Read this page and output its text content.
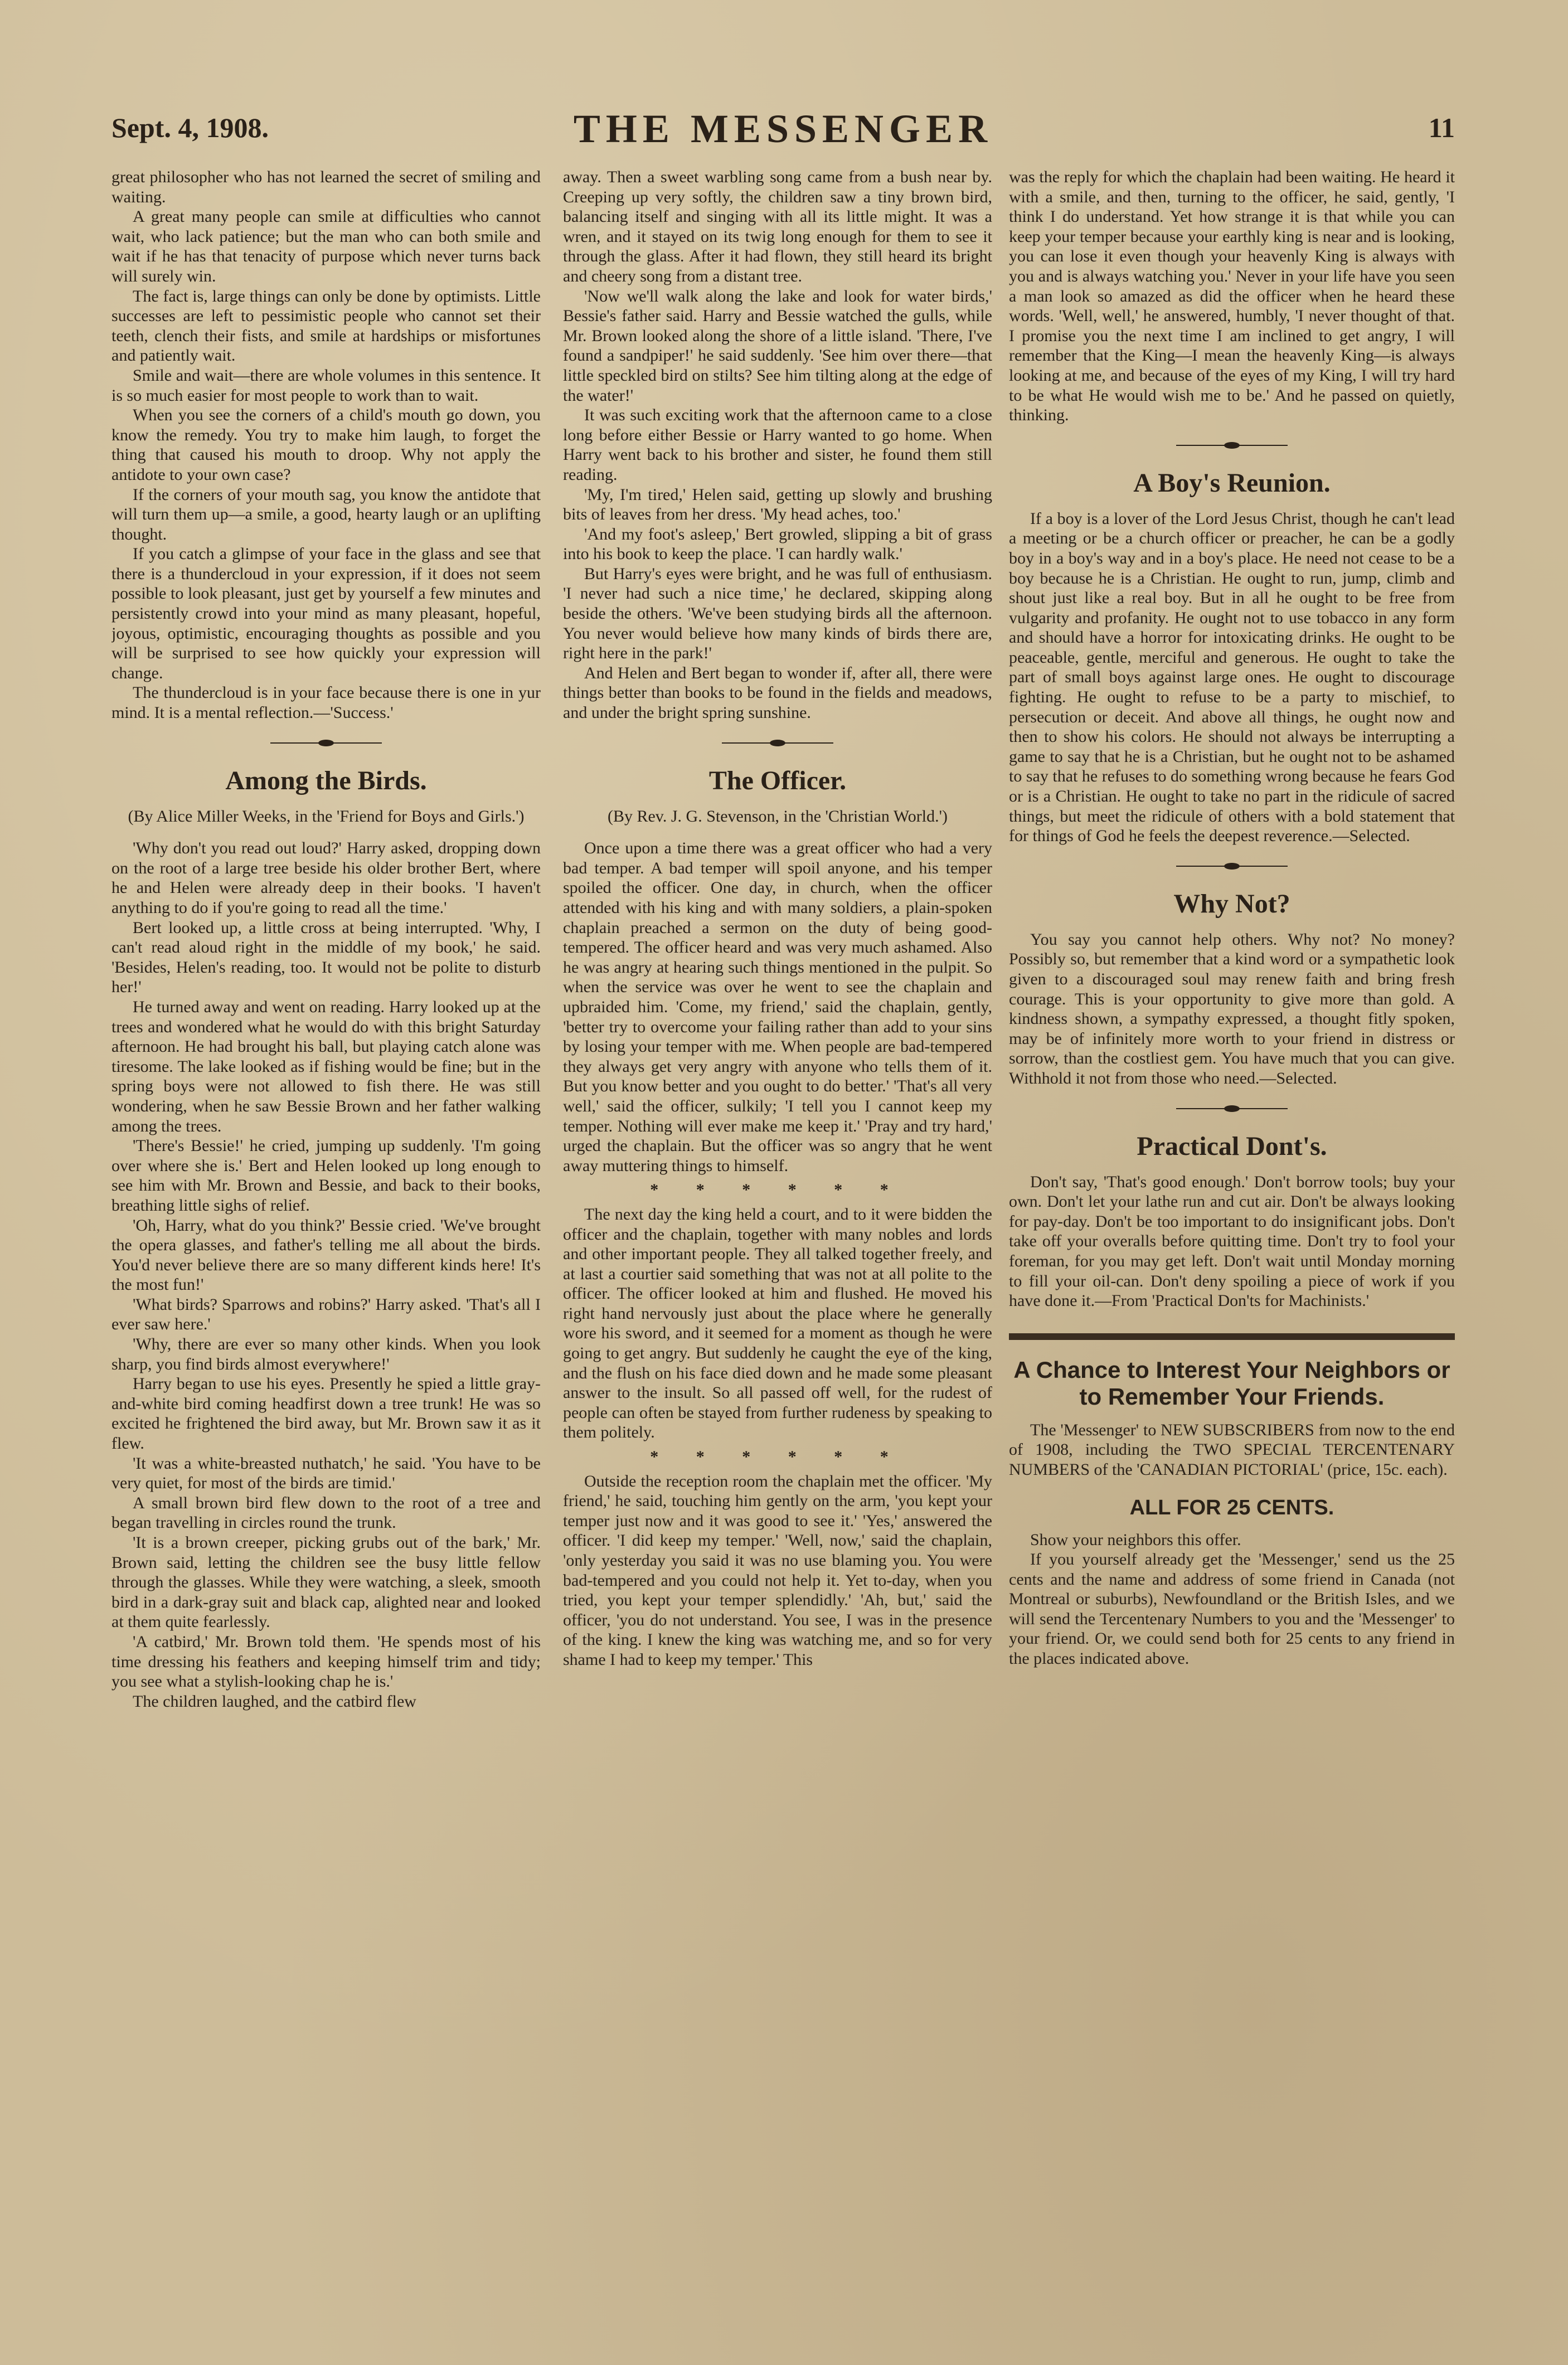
Sept. 4, 1908.	THE MESSENGER	11

great philosopher who has not learned the secret of smiling and waiting.

A great many people can smile at difficulties who cannot wait, who lack patience; but the man who can both smile and wait if he has that tenacity of purpose which never turns back will surely win.

The fact is, large things can only be done by optimists. Little successes are left to pessimistic people who cannot set their teeth, clench their fists, and smile at hardships or misfortunes and patiently wait.

Smile and wait—there are whole volumes in this sentence. It is so much easier for most people to work than to wait.

When you see the corners of a child's mouth go down, you know the remedy. You try to make him laugh, to forget the thing that caused his mouth to droop. Why not apply the antidote to your own case?

If the corners of your mouth sag, you know the antidote that will turn them up—a smile, a good, hearty laugh or an uplifting thought.

If you catch a glimpse of your face in the glass and see that there is a thundercloud in your expression, if it does not seem possible to look pleasant, just get by yourself a few minutes and persistently crowd into your mind as many pleasant, hopeful, joyous, optimistic, encouraging thoughts as possible and you will be surprised to see how quickly your expression will change.

The thundercloud is in your face because there is one in yur mind. It is a mental reflection.—'Success.'

Among the Birds.

(By Alice Miller Weeks, in the 'Friend for Boys and Girls.')

'Why don't you read out loud?' Harry asked, dropping down on the root of a large tree beside his older brother Bert, where he and Helen were already deep in their books. 'I haven't anything to do if you're going to read all the time.'

Bert looked up, a little cross at being interrupted. 'Why, I can't read aloud right in the middle of my book,' he said. 'Besides, Helen's reading, too. It would not be polite to disturb her!'

He turned away and went on reading. Harry looked up at the trees and wondered what he would do with this bright Saturday afternoon. He had brought his ball, but playing catch alone was tiresome. The lake looked as if fishing would be fine; but in the spring boys were not allowed to fish there. He was still wondering, when he saw Bessie Brown and her father walking among the trees.

'There's Bessie!' he cried, jumping up suddenly. 'I'm going over where she is.' Bert and Helen looked up long enough to see him with Mr. Brown and Bessie, and back to their books, breathing little sighs of relief.

'Oh, Harry, what do you think?' Bessie cried. 'We've brought the opera glasses, and father's telling me all about the birds. You'd never believe there are so many different kinds here! It's the most fun!'

'What birds? Sparrows and robins?' Harry asked. 'That's all I ever saw here.'

'Why, there are ever so many other kinds. When you look sharp, you find birds almost everywhere!'

Harry began to use his eyes. Presently he spied a little gray-and-white bird coming headfirst down a tree trunk! He was so excited he frightened the bird away, but Mr. Brown saw it as it flew.

'It was a white-breasted nuthatch,' he said. 'You have to be very quiet, for most of the birds are timid.'

A small brown bird flew down to the root of a tree and began travelling in circles round the trunk.

'It is a brown creeper, picking grubs out of the bark,' Mr. Brown said, letting the children see the busy little fellow through the glasses. While they were watching, a sleek, smooth bird in a dark-gray suit and black cap, alighted near and looked at them quite fearlessly.

'A catbird,' Mr. Brown told them. 'He spends most of his time dressing his feathers and keeping himself trim and tidy; you see what a stylish-looking chap he is.'

The children laughed, and the catbird flew

away. Then a sweet warbling song came from a bush near by. Creeping up very softly, the children saw a tiny brown bird, balancing itself and singing with all its little might. It was a wren, and it stayed on its twig long enough for them to see it through the glass. After it had flown, they still heard its bright and cheery song from a distant tree.

'Now we'll walk along the lake and look for water birds,' Bessie's father said. Harry and Bessie watched the gulls, while Mr. Brown looked along the shore of a little island. 'There, I've found a sandpiper!' he said suddenly. 'See him over there—that little speckled bird on stilts? See him tilting along at the edge of the water!'

It was such exciting work that the afternoon came to a close long before either Bessie or Harry wanted to go home. When Harry went back to his brother and sister, he found them still reading.

'My, I'm tired,' Helen said, getting up slowly and brushing bits of leaves from her dress. 'My head aches, too.'

'And my foot's asleep,' Bert growled, slipping a bit of grass into his book to keep the place. 'I can hardly walk.'

But Harry's eyes were bright, and he was full of enthusiasm. 'I never had such a nice time,' he declared, skipping along beside the others. 'We've been studying birds all the afternoon. You never would believe how many kinds of birds there are, right here in the park!'

And Helen and Bert began to wonder if, after all, there were things better than books to be found in the fields and meadows, and under the bright spring sunshine.

The Officer.

(By Rev. J. G. Stevenson, in the 'Christian World.')

Once upon a time there was a great officer who had a very bad temper. A bad temper will spoil anyone, and his temper spoiled the officer. One day, in church, when the officer attended with his king and with many soldiers, a plain-spoken chaplain preached a sermon on the duty of being good-tempered. The officer heard and was very much ashamed. Also he was angry at hearing such things mentioned in the pulpit. So when the service was over he went to see the chaplain and upbraided him. 'Come, my friend,' said the chaplain, gently, 'better try to overcome your failing rather than add to your sins by losing your temper with me. When people are bad-tempered they always get very angry with anyone who tells them of it. But you know better and you ought to do better.' 'That's all very well,' said the officer, sulkily; 'I tell you I cannot keep my temper. Nothing will ever make me keep it.' 'Pray and try hard,' urged the chaplain. But the officer was so angry that he went away muttering things to himself.

* * * * * *

The next day the king held a court, and to it were bidden the officer and the chaplain, together with many nobles and lords and other important people. They all talked together freely, and at last a courtier said something that was not at all polite to the officer. The officer looked at him and flushed. He moved his right hand nervously just about the place where he generally wore his sword, and it seemed for a moment as though he were going to get angry. But suddenly he caught the eye of the king, and the flush on his face died down and he made some pleasant answer to the insult. So all passed off well, for the rudest of people can often be stayed from further rudeness by speaking to them politely.

* * * * * *

Outside the reception room the chaplain met the officer. 'My friend,' he said, touching him gently on the arm, 'you kept your temper just now and it was good to see it.' 'Yes,' answered the officer. 'I did keep my temper.' 'Well, now,' said the chaplain, 'only yesterday you said it was no use blaming you. You were bad-tempered and you could not help it. Yet to-day, when you tried, you kept your temper splendidly.' 'Ah, but,' said the officer, 'you do not understand. You see, I was in the presence of the king. I knew the king was watching me, and so for very shame I had to keep my temper.' This

was the reply for which the chaplain had been waiting. He heard it with a smile, and then, turning to the officer, he said, gently, 'I think I do understand. Yet how strange it is that while you can keep your temper because your earthly king is near and is looking, you can lose it even though your heavenly King is always with you and is always watching you.' Never in your life have you seen a man look so amazed as did the officer when he heard these words. 'Well, well,' he answered, humbly, 'I never thought of that. I promise you the next time I am inclined to get angry, I will remember that the King—I mean the heavenly King—is always looking at me, and because of the eyes of my King, I will try hard to be what He would wish me to be.' And he passed on quietly, thinking.

A Boy's Reunion.

If a boy is a lover of the Lord Jesus Christ, though he can't lead a meeting or be a church officer or preacher, he can be a godly boy in a boy's way and in a boy's place. He need not cease to be a boy because he is a Christian. He ought to run, jump, climb and shout just like a real boy. But in all he ought to be free from vulgarity and profanity. He ought not to use tobacco in any form and should have a horror for intoxicating drinks. He ought to be peaceable, gentle, merciful and generous. He ought to take the part of small boys against large ones. He ought to discourage fighting. He ought to refuse to be a party to mischief, to persecution or deceit. And above all things, he ought now and then to show his colors. He should not always be interrupting a game to say that he is a Christian, but he ought not to be ashamed to say that he refuses to do something wrong because he fears God or is a Christian. He ought to take no part in the ridicule of sacred things, but meet the ridicule of others with a bold statement that for things of God he feels the deepest reverence.—Selected.

Why Not?

You say you cannot help others. Why not? No money? Possibly so, but remember that a kind word or a sympathetic look given to a discouraged soul may renew faith and bring fresh courage. This is your opportunity to give more than gold. A kindness shown, a sympathy expressed, a thought fitly spoken, may be of infinitely more worth to your friend in distress or sorrow, than the costliest gem. You have much that you can give. Withhold it not from those who need.—Selected.

Practical Dont's.

Don't say, 'That's good enough.' Don't borrow tools; buy your own. Don't let your lathe run and cut air. Don't be always looking for pay-day. Don't be too important to do insignificant jobs. Don't take off your overalls before quitting time. Don't try to fool your foreman, for you may get left. Don't wait until Monday morning to fill your oil-can. Don't deny spoiling a piece of work if you have done it.—From 'Practical Don'ts for Machinists.'

A Chance to Interest Your Neighbors or to Remember Your Friends.

The 'Messenger' to NEW SUBSCRIBERS from now to the end of 1908, including the TWO SPECIAL TERCENTENARY NUMBERS of the 'CANADIAN PICTORIAL' (price, 15c. each).

ALL FOR 25 CENTS.

Show your neighbors this offer.

If you yourself already get the 'Messenger,' send us the 25 cents and the name and address of some friend in Canada (not Montreal or suburbs), Newfoundland or the British Isles, and we will send the Tercentenary Numbers to you and the 'Messenger' to your friend. Or, we could send both for 25 cents to any friend in the places indicated above.
